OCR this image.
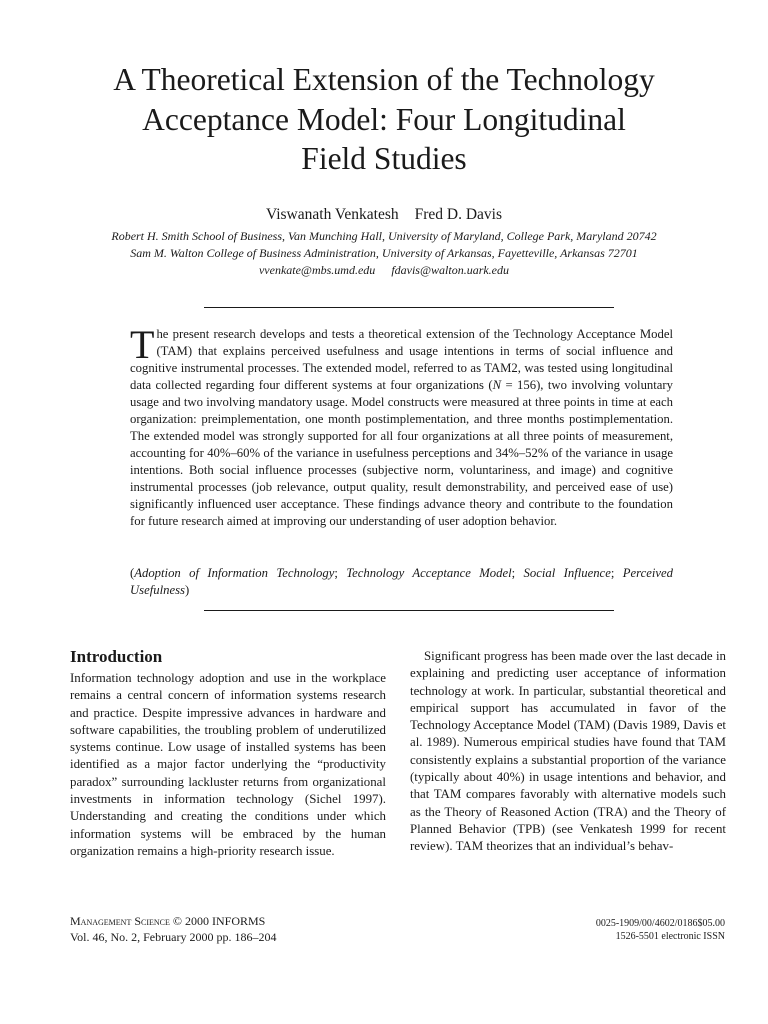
A Theoretical Extension of the Technology
Acceptance Model: Four Longitudinal
Field Studies
Viswanath Venkatesh Fred D. Davis
Robert H. Smith School of Business, Van Munching Hall, University of Maryland, College Park, Maryland 20742
Sam M. Walton College of Business Administration, University of Arkansas, Fayetteville, Arkansas 72701
vvenkate@mbs.umd.edu fdavis@walton.uark.edu

The present research develops and tests a theoretical extension of the Technology Acceptance Model (TAM) that explains perceived usefulness and usage intentions in terms of social influence and cognitive instrumental processes. The extended model, referred to as TAM2, was tested using longitudinal data collected regarding four different systems at four organizations (N = 156), two involving voluntary usage and two involving mandatory usage. Model constructs were measured at three points in time at each organization: preimplementation, one month postimplementation, and three months postimplementation. The extended model was strongly supported for all four organizations at all three points of measurement, accounting for 40%–60% of the variance in usefulness perceptions and 34%–52% of the variance in usage intentions. Both social influence processes (subjective norm, voluntariness, and image) and cognitive instrumental processes (job relevance, output quality, result demonstrability, and perceived ease of use) significantly influenced user acceptance. These findings advance theory and contribute to the foundation for future research aimed at improving our understanding of user adoption behavior.

(Adoption of Information Technology; Technology Acceptance Model; Social Influence; Perceived Usefulness)

Introduction

Information technology adoption and use in the workplace remains a central concern of information systems research and practice. Despite impressive advances in hardware and software capabilities, the troubling problem of underutilized systems continue. Low usage of installed systems has been identified as a major factor underlying the “productivity paradox” surrounding lackluster returns from organizational investments in information technology (Sichel 1997). Understanding and creating the conditions under which information systems will be embraced by the human organization remains a high-priority research issue.

Significant progress has been made over the last decade in explaining and predicting user acceptance of information technology at work. In particular, substantial theoretical and empirical support has accumulated in favor of the Technology Acceptance Model (TAM) (Davis 1989, Davis et al. 1989). Numerous empirical studies have found that TAM consistently explains a substantial proportion of the variance (typically about 40%) in usage intentions and behavior, and that TAM compares favorably with alternative models such as the Theory of Reasoned Action (TRA) and the Theory of Planned Behavior (TPB) (see Venkatesh 1999 for recent review). TAM theorizes that an individual’s behav-

Management Science © 2000 INFORMS
Vol. 46, No. 2, February 2000 pp. 186–204
0025-1909/00/4602/0186$05.00
1526-5501 electronic ISSN
